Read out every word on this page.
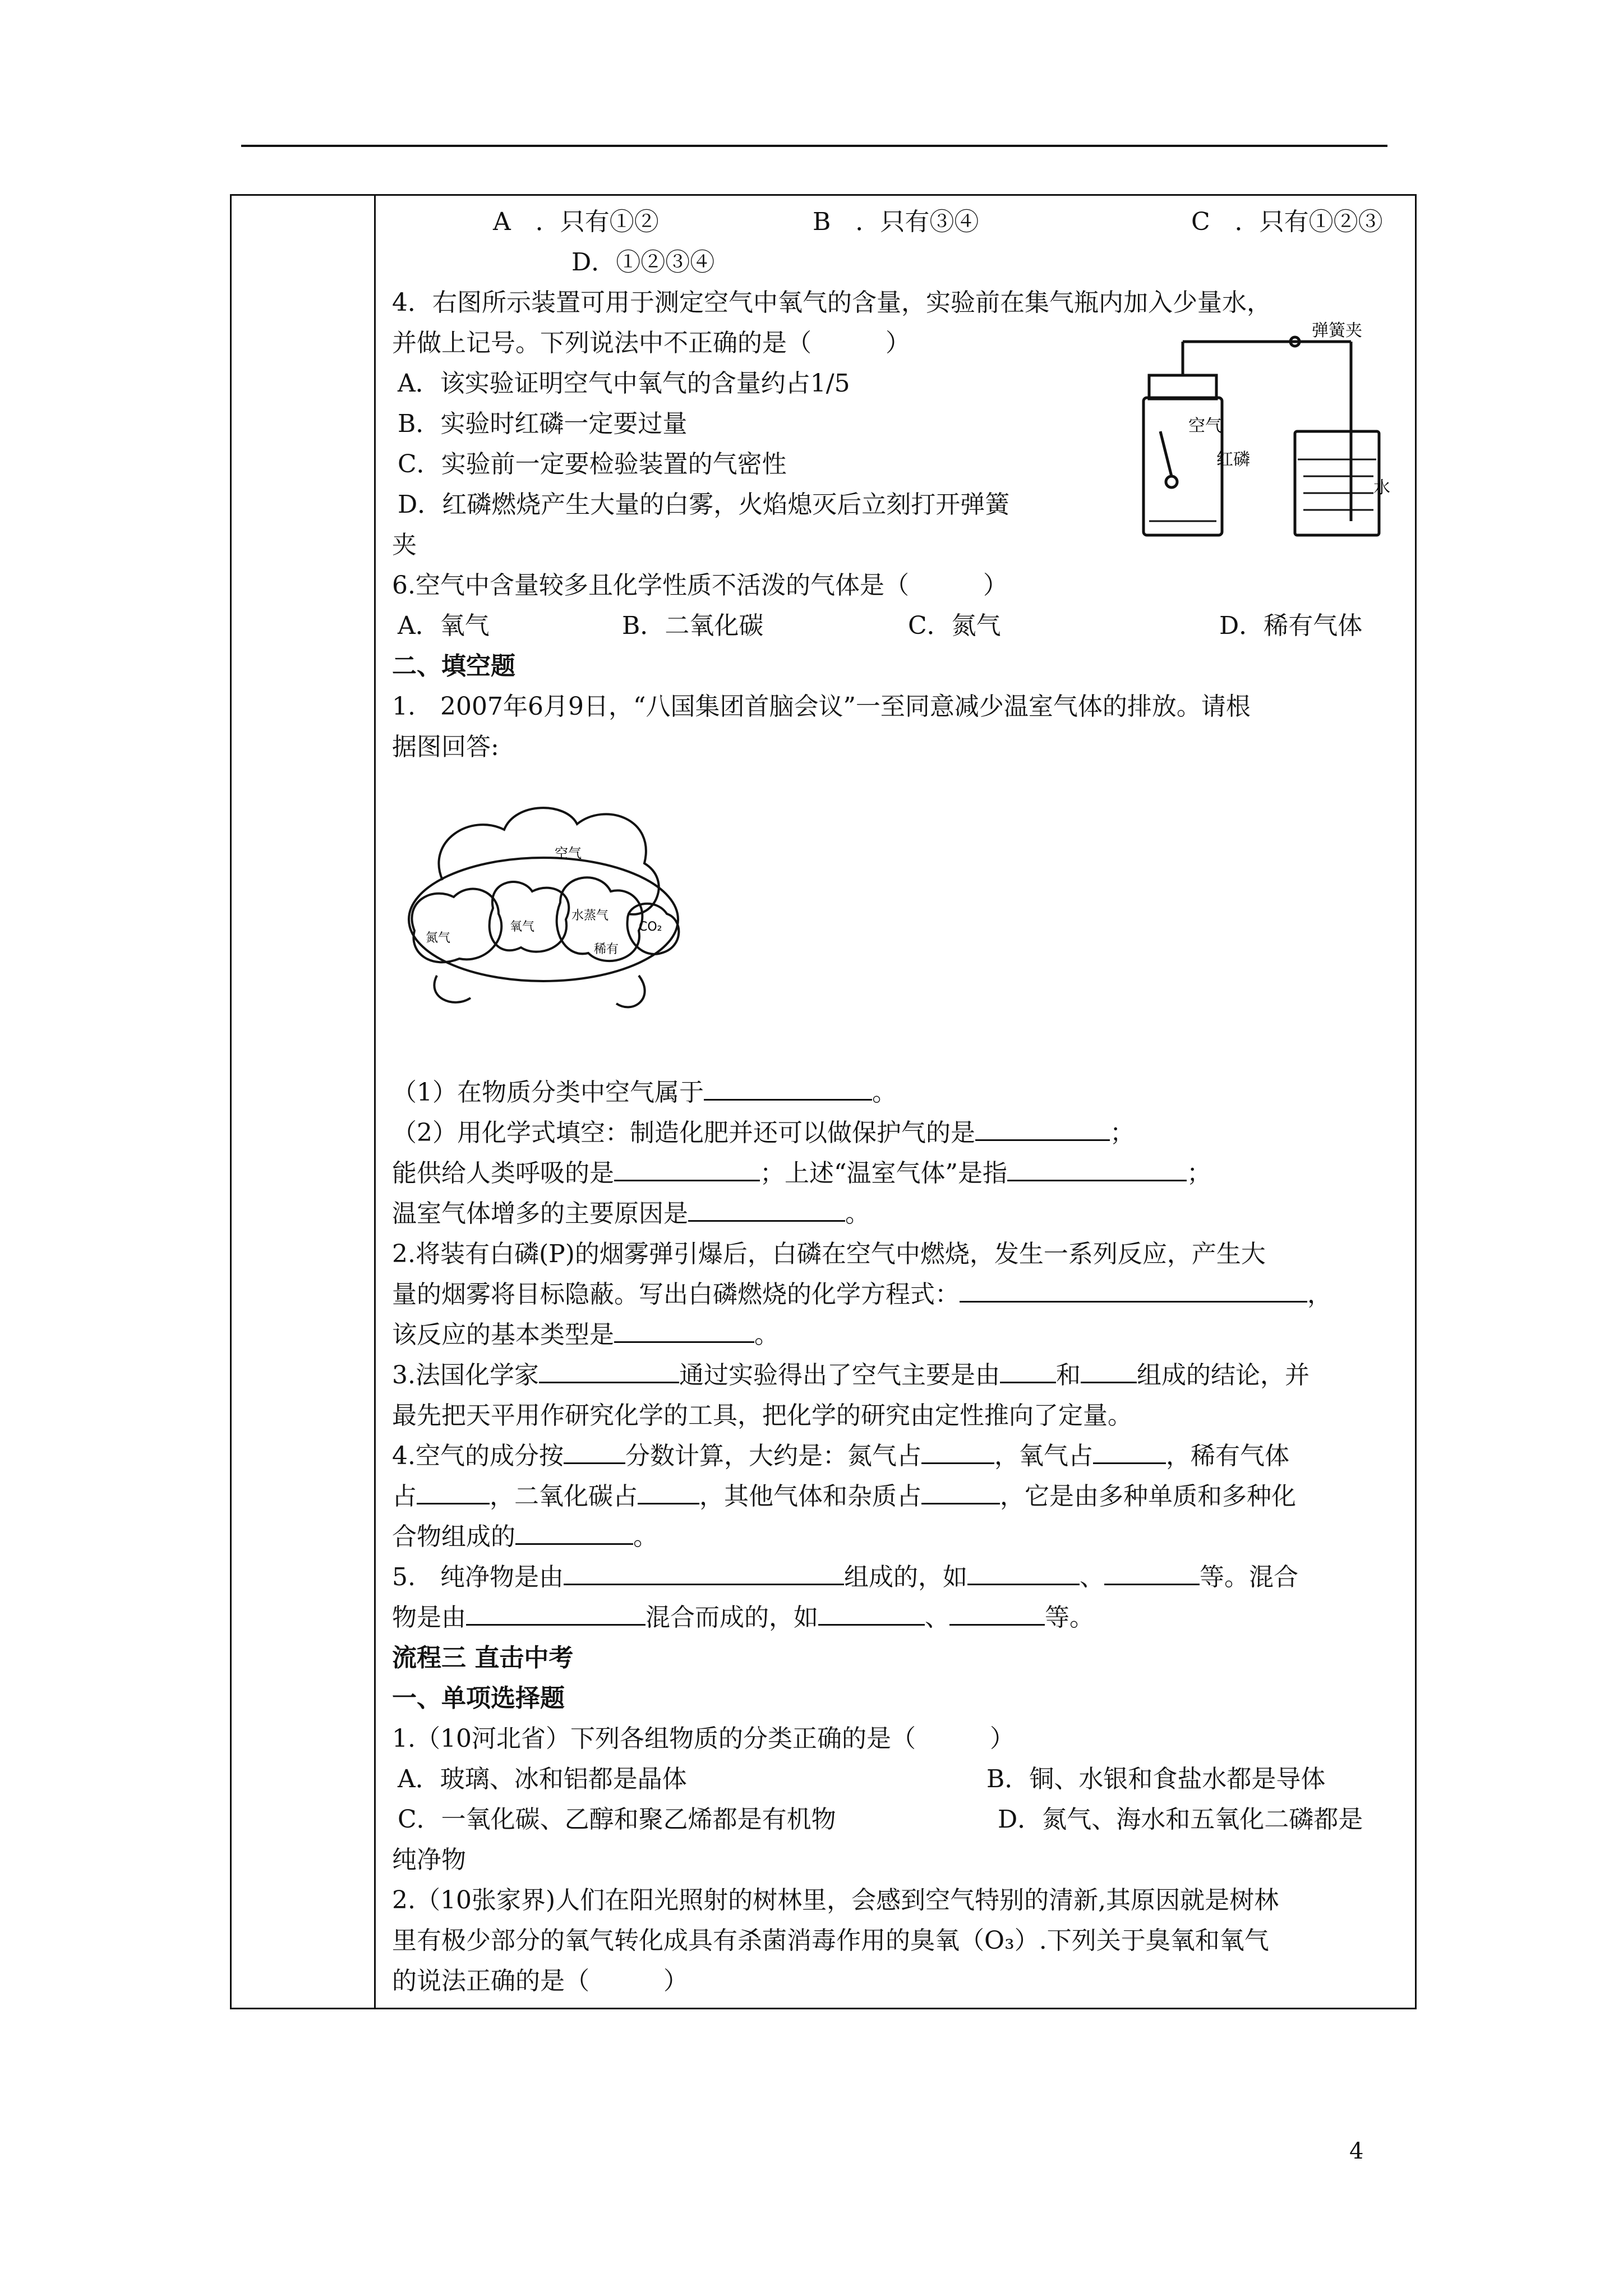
A　．只有①②	B　．只有③④	C　．只有①②③
D．①②③④
4．右图所示装置可用于测定空气中氧气的含量，实验前在集气瓶内加入少量水，
并做上记号。下列说法中不正确的是（　　　）
A．该实验证明空气中氧气的含量约占1/5
B．实验时红磷一定要过量
C．实验前一定要检验装置的气密性
D．红磷燃烧产生大量的白雾，火焰熄灭后立刻打开弹簧
夹
弹簧夹
空气
红磷
水
6.空气中含量较多且化学性质不活泼的气体是（　　　）
A．氧气	B．二氧化碳	C．氮气	D．稀有气体
二、填空题
1.　2007年6月9日，“八国集团首脑会议”一至同意减少温室气体的排放。请根
据图回答:
空气
氮气
氧气
水蒸气
CO₂
稀有
（1）在物质分类中空气属于	。
（2）用化学式填空：制造化肥并还可以做保护气的是	；
能供给人类呼吸的是	；上述“温室气体”是指	；
温室气体增多的主要原因是	。
2.将装有白磷(P)的烟雾弹引爆后，白磷在空气中燃烧，发生一系列反应，产生大
量的烟雾将目标隐蔽。写出白磷燃烧的化学方程式：	，
该反应的基本类型是	。
3.法国化学家	通过实验得出了空气主要是由 和 组成的结论，并
最先把天平用作研究化学的工具，把化学的研究由定性推向了定量。
4.空气的成分按	分数计算，大约是：氮气占	，氧气占	，稀有气体
占	，二氧化碳占	，其他气体和杂质占	，它是由多种单质和多种化
合物组成的	。
5.　纯净物是由	组成的，如	、	等。混合
物是由	混合而成的，如	、	等。
流程三 直击中考
一、单项选择题
1.（10河北省）下列各组物质的分类正确的是（　　　）
A．玻璃、冰和铝都是晶体	B．铜、水银和食盐水都是导体
C．一氧化碳、乙醇和聚乙烯都是有机物	D．氮气、海水和五氧化二磷都是
纯净物
2.（10张家界)人们在阳光照射的树林里，会感到空气特别的清新,其原因就是树林
里有极少部分的氧气转化成具有杀菌消毒作用的臭氧（O₃）.下列关于臭氧和氧气
的说法正确的是（　　　）
4
